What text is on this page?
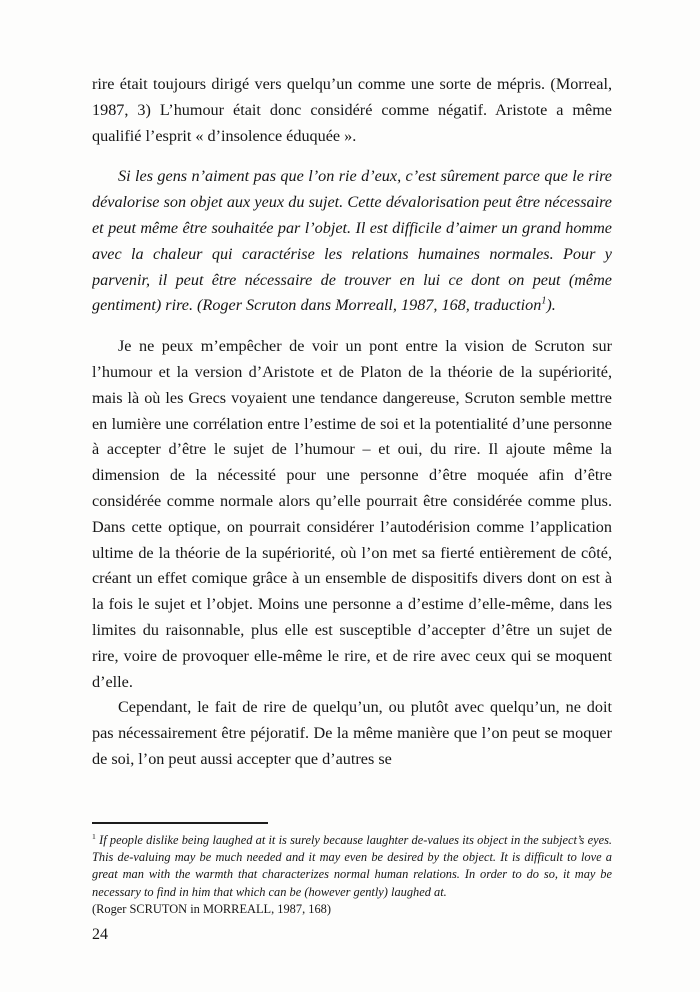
rire était toujours dirigé vers quelqu’un comme une sorte de mépris. (Morreal, 1987, 3) L’humour était donc considéré comme négatif. Aristote a même qualifié l’esprit « d’insolence éduquée ».

Si les gens n’aiment pas que l’on rie d’eux, c’est sûrement parce que le rire dévalorise son objet aux yeux du sujet. Cette dévalorisation peut être nécessaire et peut même être souhaitée par l’objet. Il est difficile d’aimer un grand homme avec la chaleur qui caractérise les relations humaines normales. Pour y parvenir, il peut être nécessaire de trouver en lui ce dont on peut (même gentiment) rire. (Roger Scruton dans Morreall, 1987, 168, traduction$^1$).

Je ne peux m’empêcher de voir un pont entre la vision de Scruton sur l’humour et la version d’Aristote et de Platon de la théorie de la supériorité, mais là où les Grecs voyaient une tendance dangereuse, Scruton semble mettre en lumière une corrélation entre l’estime de soi et la potentialité d’une personne à accepter d’être le sujet de l’humour – et oui, du rire. Il ajoute même la dimension de la nécessité pour une personne d’être moquée afin d’être considérée comme normale alors qu’elle pourrait être considérée comme plus. Dans cette optique, on pourrait considérer l’autodérision comme l’application ultime de la théorie de la supériorité, où l’on met sa fierté entièrement de côté, créant un effet comique grâce à un ensemble de dispositifs divers dont on est à la fois le sujet et l’objet. Moins une personne a d’estime d’elle-même, dans les limites du raisonnable, plus elle est susceptible d’accepter d’être un sujet de rire, voire de provoquer elle-même le rire, et de rire avec ceux qui se moquent d’elle.

Cependant, le fait de rire de quelqu’un, ou plutôt avec quelqu’un, ne doit pas nécessairement être péjoratif. De la même manière que l’on peut se moquer de soi, l’on peut aussi accepter que d’autres se

$^1$ If people dislike being laughed at it is surely because laughter de-values its object in the subject’s eyes. This de-valuing may be much needed and it may even be desired by the object. It is difficult to love a great man with the warmth that characterizes normal human relations. In order to do so, it may be necessary to find in him that which can be (however gently) laughed at.

(Roger SCRUTON in MORREALL, 1987, 168)

24
